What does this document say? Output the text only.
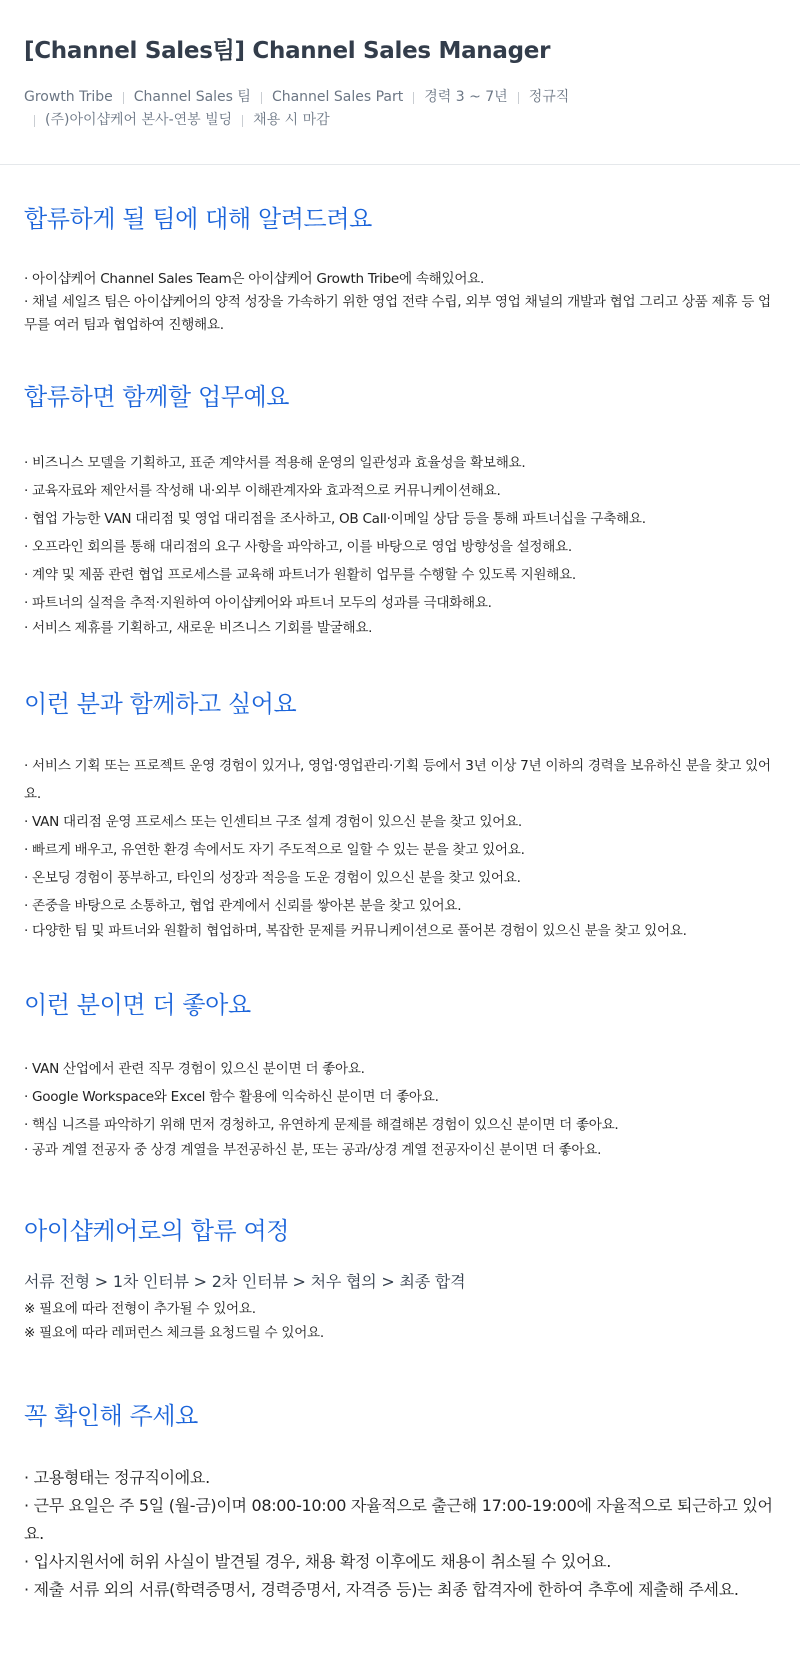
[Channel Sales팀] Channel Sales Manager
Growth Tribe	Channel Sales 팀	Channel Sales Part	경력 3 ~ 7년	정규직
(주)아이샵케어 본사-연봉 빌딩	채용 시 마감
합류하게 될 팀에 대해 알려드려요
· 아이샵케어 Channel Sales Team은 아이샵케어 Growth Tribe에 속해있어요.
· 채널 세일즈 팀은 아이샵케어의 양적 성장을 가속하기 위한 영업 전략 수립, 외부 영업 채널의 개발과 협업 그리고 상품 제휴 등 업무를 여러 팀과 협업하여 진행해요.
합류하면 함께할 업무예요
· 비즈니스 모델을 기획하고, 표준 계약서를 적용해 운영의 일관성과 효율성을 확보해요.
· 교육자료와 제안서를 작성해 내·외부 이해관계자와 효과적으로 커뮤니케이션해요.
· 협업 가능한 VAN 대리점 및 영업 대리점을 조사하고, OB Call·이메일 상담 등을 통해 파트너십을 구축해요.
· 오프라인 회의를 통해 대리점의 요구 사항을 파악하고, 이를 바탕으로 영업 방향성을 설정해요.
· 계약 및 제품 관련 협업 프로세스를 교육해 파트너가 원활히 업무를 수행할 수 있도록 지원해요.
· 파트너의 실적을 추적·지원하여 아이샵케어와 파트너 모두의 성과를 극대화해요.
· 서비스 제휴를 기획하고, 새로운 비즈니스 기회를 발굴해요.
이런 분과 함께하고 싶어요
· 서비스 기획 또는 프로젝트 운영 경험이 있거나, 영업·영업관리·기획 등에서 3년 이상 7년 이하의 경력을 보유하신 분을 찾고 있어요.
· VAN 대리점 운영 프로세스 또는 인센티브 구조 설계 경험이 있으신 분을 찾고 있어요.
· 빠르게 배우고, 유연한 환경 속에서도 자기 주도적으로 일할 수 있는 분을 찾고 있어요.
· 온보딩 경험이 풍부하고, 타인의 성장과 적응을 도운 경험이 있으신 분을 찾고 있어요.
· 존중을 바탕으로 소통하고, 협업 관계에서 신뢰를 쌓아본 분을 찾고 있어요.
· 다양한 팀 및 파트너와 원활히 협업하며, 복잡한 문제를 커뮤니케이션으로 풀어본 경험이 있으신 분을 찾고 있어요.
이런 분이면 더 좋아요
· VAN 산업에서 관련 직무 경험이 있으신 분이면 더 좋아요.
· Google Workspace와 Excel 함수 활용에 익숙하신 분이면 더 좋아요.
· 핵심 니즈를 파악하기 위해 먼저 경청하고, 유연하게 문제를 해결해본 경험이 있으신 분이면 더 좋아요.
· 공과 계열 전공자 중 상경 계열을 부전공하신 분, 또는 공과/상경 계열 전공자이신 분이면 더 좋아요.
아이샵케어로의 합류 여정
서류 전형 > 1차 인터뷰 > 2차 인터뷰 > 처우 협의 > 최종 합격
※ 필요에 따라 전형이 추가될 수 있어요.
※ 필요에 따라 레퍼런스 체크를 요청드릴 수 있어요.
꼭 확인해 주세요
· 고용형태는 정규직이에요.
· 근무 요일은 주 5일 (월-금)이며 08:00-10:00 자율적으로 출근해 17:00-19:00에 자율적으로 퇴근하고 있어요.
· 입사지원서에 허위 사실이 발견될 경우, 채용 확정 이후에도 채용이 취소될 수 있어요.
· 제출 서류 외의 서류(학력증명서, 경력증명서, 자격증 등)는 최종 합격자에 한하여 추후에 제출해 주세요.
